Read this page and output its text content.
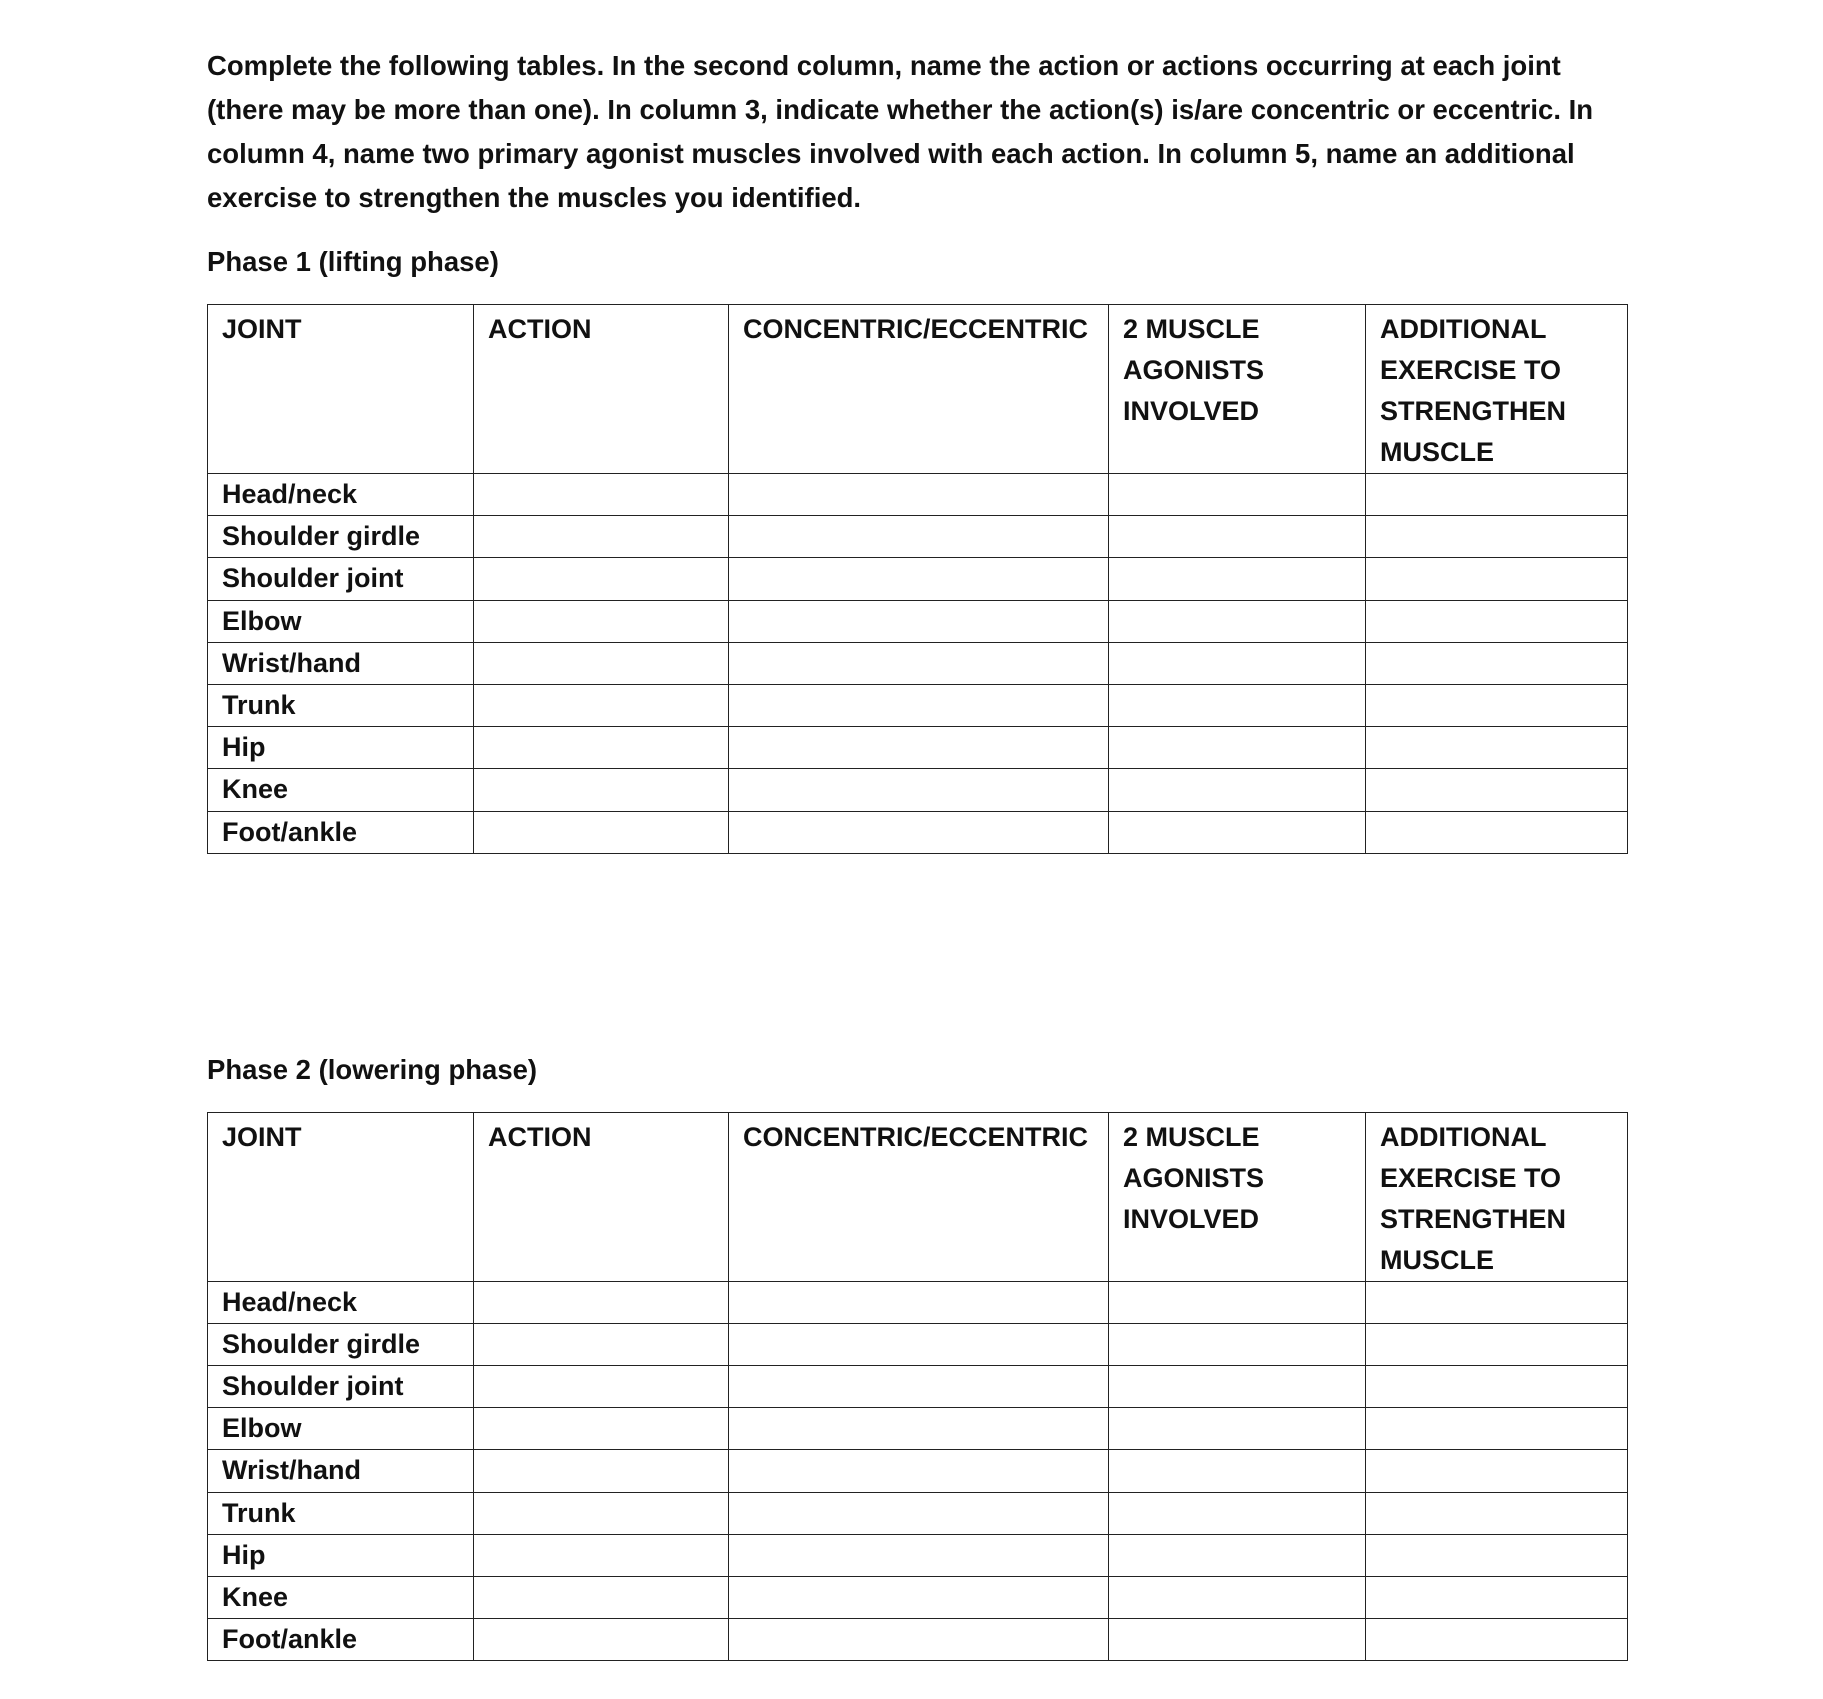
Complete the following tables. In the second column, name the action or actions occurring at each joint (there may be more than one). In column 3, indicate whether the action(s) is/are concentric or eccentric. In column 4, name two primary agonist muscles involved with each action. In column 5, name an additional exercise to strengthen the muscles you identified.

Phase 1 (lifting phase)

JOINT	ACTION	CONCENTRIC/ECCENTRIC	2 MUSCLE AGONISTS INVOLVED	ADDITIONAL EXERCISE TO STRENGTHEN MUSCLE
Head/neck				
Shoulder girdle				
Shoulder joint				
Elbow				
Wrist/hand				
Trunk				
Hip				
Knee				
Foot/ankle				

Phase 2 (lowering phase)

JOINT	ACTION	CONCENTRIC/ECCENTRIC	2 MUSCLE AGONISTS INVOLVED	ADDITIONAL EXERCISE TO STRENGTHEN MUSCLE
Head/neck				
Shoulder girdle				
Shoulder joint				
Elbow				
Wrist/hand				
Trunk				
Hip				
Knee				
Foot/ankle				
